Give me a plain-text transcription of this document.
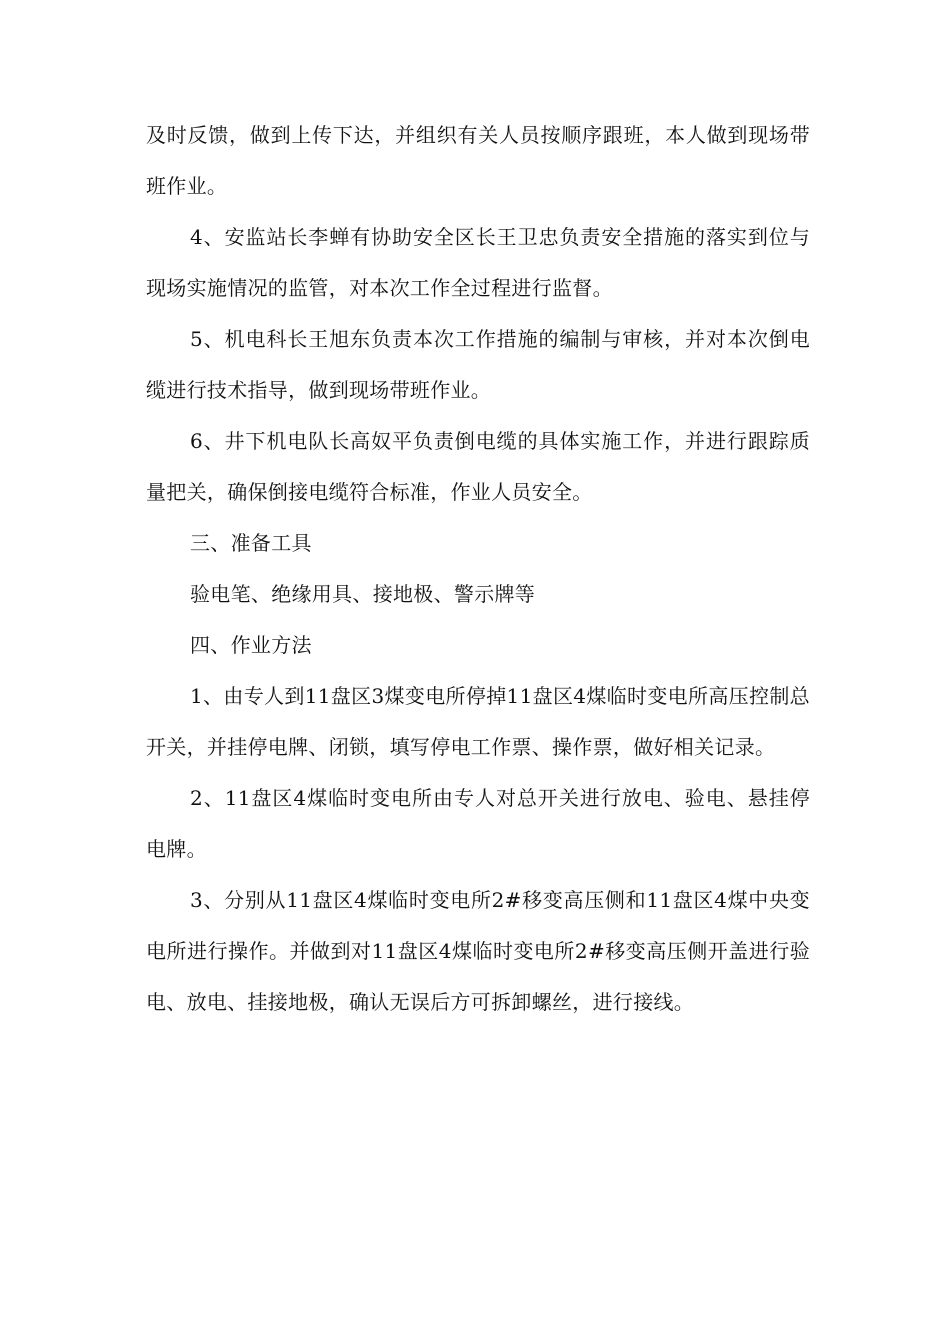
及时反馈，做到上传下达，并组织有关人员按顺序跟班，本人做到现场带班作业。

4、安监站长李蝉有协助安全区长王卫忠负责安全措施的落实到位与现场实施情况的监管，对本次工作全过程进行监督。

5、机电科长王旭东负责本次工作措施的编制与审核，并对本次倒电缆进行技术指导，做到现场带班作业。

6、井下机电队长高奴平负责倒电缆的具体实施工作，并进行跟踪质量把关，确保倒接电缆符合标准，作业人员安全。

三、准备工具

验电笔、绝缘用具、接地极、警示牌等

四、作业方法

1、由专人到11盘区3煤变电所停掉11盘区4煤临时变电所高压控制总开关，并挂停电牌、闭锁，填写停电工作票、操作票，做好相关记录。

2、11盘区4煤临时变电所由专人对总开关进行放电、验电、悬挂停电牌。

3、分别从11盘区4煤临时变电所2#移变高压侧和11盘区4煤中央变电所进行操作。并做到对11盘区4煤临时变电所2#移变高压侧开盖进行验电、放电、挂接地极，确认无误后方可拆卸螺丝，进行接线。
